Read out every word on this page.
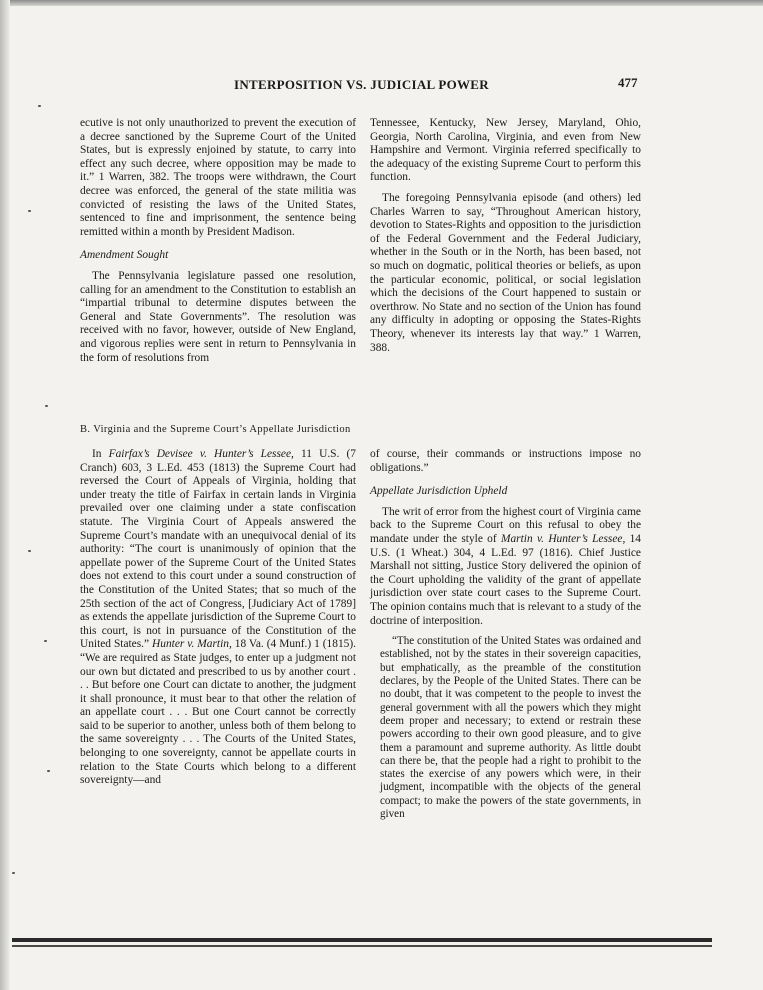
INTERPOSITION VS. JUDICIAL POWER	477

ecutive is not only unauthorized to prevent the execution of a decree sanctioned by the Supreme Court of the United States, but is expressly enjoined by statute, to carry into effect any such decree, where opposition may be made to it.” 1 Warren, 382. The troops were withdrawn, the Court decree was enforced, the general of the state militia was convicted of resisting the laws of the United States, sentenced to fine and imprisonment, the sentence being remitted within a month by President Madison.

Amendment Sought

The Pennsylvania legislature passed one resolution, calling for an amendment to the Constitution to establish an “impartial tribunal to determine disputes between the General and State Governments”. The resolution was received with no favor, however, outside of New England, and vigorous replies were sent in return to Pennsylvania in the form of resolutions from

Tennessee, Kentucky, New Jersey, Maryland, Ohio, Georgia, North Carolina, Virginia, and even from New Hampshire and Vermont. Virginia referred specifically to the adequacy of the existing Supreme Court to perform this function.

The foregoing Pennsylvania episode (and others) led Charles Warren to say, “Throughout American history, devotion to States-Rights and opposition to the jurisdiction of the Federal Government and the Federal Judiciary, whether in the South or in the North, has been based, not so much on dogmatic, political theories or beliefs, as upon the particular economic, political, or social legislation which the decisions of the Court happened to sustain or overthrow. No State and no section of the Union has found any difficulty in adopting or opposing the States-Rights Theory, whenever its interests lay that way.” 1 Warren, 388.

B. Virginia and the Supreme Court’s Appellate Jurisdiction

In Fairfax’s Devisee v. Hunter’s Lessee, 11 U.S. (7 Cranch) 603, 3 L.Ed. 453 (1813) the Supreme Court had reversed the Court of Appeals of Virginia, holding that under treaty the title of Fairfax in certain lands in Virginia prevailed over one claiming under a state confiscation statute. The Virginia Court of Appeals answered the Supreme Court’s mandate with an unequivocal denial of its authority: “The court is unanimously of opinion that the appellate power of the Supreme Court of the United States does not extend to this court under a sound construction of the Constitution of the United States; that so much of the 25th section of the act of Congress, [Judiciary Act of 1789] as extends the appellate jurisdiction of the Supreme Court to this court, is not in pursuance of the Constitution of the United States.” Hunter v. Martin, 18 Va. (4 Munf.) 1 (1815). “We are required as State judges, to enter up a judgment not our own but dictated and prescribed to us by another court . . . But before one Court can dictate to another, the judgment it shall pronounce, it must bear to that other the relation of an appellate court . . . But one Court cannot be correctly said to be superior to another, unless both of them belong to the same sovereignty . . . The Courts of the United States, belonging to one sovereignty, cannot be appellate courts in relation to the State Courts which belong to a different sovereignty—and

of course, their commands or instructions impose no obligations.”

Appellate Jurisdiction Upheld

The writ of error from the highest court of Virginia came back to the Supreme Court on this refusal to obey the mandate under the style of Martin v. Hunter’s Lessee, 14 U.S. (1 Wheat.) 304, 4 L.Ed. 97 (1816). Chief Justice Marshall not sitting, Justice Story delivered the opinion of the Court upholding the validity of the grant of appellate jurisdiction over state court cases to the Supreme Court. The opinion contains much that is relevant to a study of the doctrine of interposition.

“The constitution of the United States was ordained and established, not by the states in their sovereign capacities, but emphatically, as the preamble of the constitution declares, by the People of the United States. There can be no doubt, that it was competent to the people to invest the general government with all the powers which they might deem proper and necessary; to extend or restrain these powers according to their own good pleasure, and to give them a paramount and supreme authority. As little doubt can there be, that the people had a right to prohibit to the states the exercise of any powers which were, in their judgment, incompatible with the objects of the general compact; to make the powers of the state governments, in given
